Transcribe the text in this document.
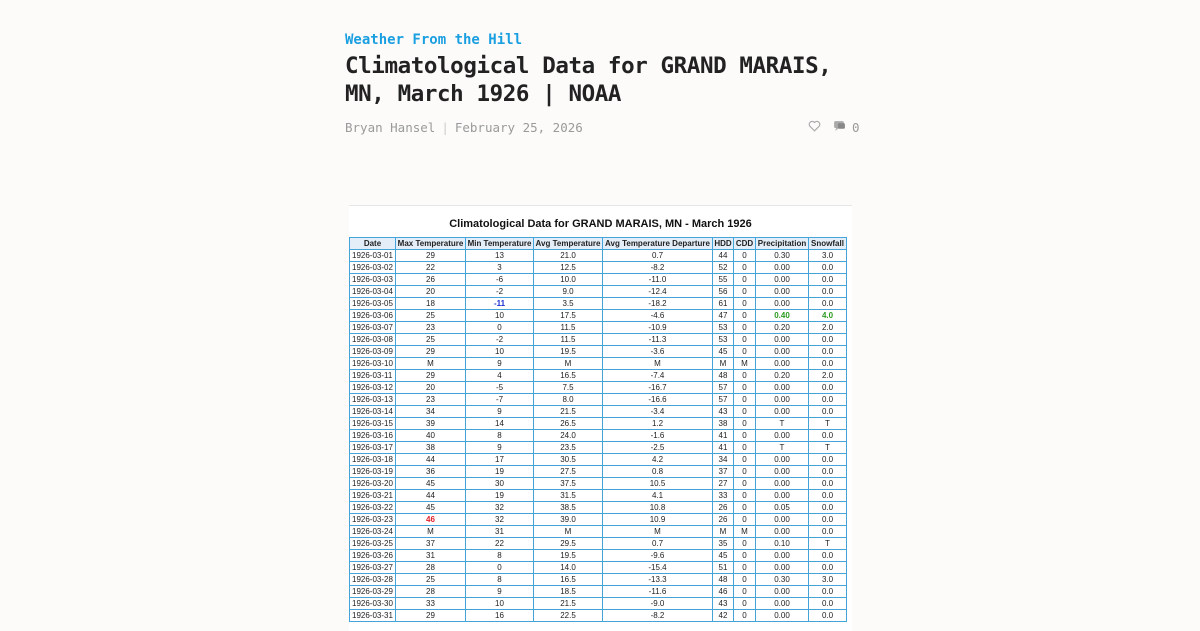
Weather From the Hill
Climatological Data for GRAND MARAIS, MN, March 1926 | NOAA
Bryan Hansel | February 25, 2026	0
Climatological Data for GRAND MARAIS, MN - March 1926
Date	Max Temperature	Min Temperature	Avg Temperature	Avg Temperature Departure	HDD	CDD	Precipitation	Snowfall
1926-03-01	29	13	21.0	0.7	44	0	0.30	3.0
1926-03-02	22	3	12.5	-8.2	52	0	0.00	0.0
1926-03-03	26	-6	10.0	-11.0	55	0	0.00	0.0
1926-03-04	20	-2	9.0	-12.4	56	0	0.00	0.0
1926-03-05	18	-11	3.5	-18.2	61	0	0.00	0.0
1926-03-06	25	10	17.5	-4.6	47	0	0.40	4.0
1926-03-07	23	0	11.5	-10.9	53	0	0.20	2.0
1926-03-08	25	-2	11.5	-11.3	53	0	0.00	0.0
1926-03-09	29	10	19.5	-3.6	45	0	0.00	0.0
1926-03-10	M	9	M	M	M	M	0.00	0.0
1926-03-11	29	4	16.5	-7.4	48	0	0.20	2.0
1926-03-12	20	-5	7.5	-16.7	57	0	0.00	0.0
1926-03-13	23	-7	8.0	-16.6	57	0	0.00	0.0
1926-03-14	34	9	21.5	-3.4	43	0	0.00	0.0
1926-03-15	39	14	26.5	1.2	38	0	T	T
1926-03-16	40	8	24.0	-1.6	41	0	0.00	0.0
1926-03-17	38	9	23.5	-2.5	41	0	T	T
1926-03-18	44	17	30.5	4.2	34	0	0.00	0.0
1926-03-19	36	19	27.5	0.8	37	0	0.00	0.0
1926-03-20	45	30	37.5	10.5	27	0	0.00	0.0
1926-03-21	44	19	31.5	4.1	33	0	0.00	0.0
1926-03-22	45	32	38.5	10.8	26	0	0.05	0.0
1926-03-23	46	32	39.0	10.9	26	0	0.00	0.0
1926-03-24	M	31	M	M	M	M	0.00	0.0
1926-03-25	37	22	29.5	0.7	35	0	0.10	T
1926-03-26	31	8	19.5	-9.6	45	0	0.00	0.0
1926-03-27	28	0	14.0	-15.4	51	0	0.00	0.0
1926-03-28	25	8	16.5	-13.3	48	0	0.30	3.0
1926-03-29	28	9	18.5	-11.6	46	0	0.00	0.0
1926-03-30	33	10	21.5	-9.0	43	0	0.00	0.0
1926-03-31	29	16	22.5	-8.2	42	0	0.00	0.0
